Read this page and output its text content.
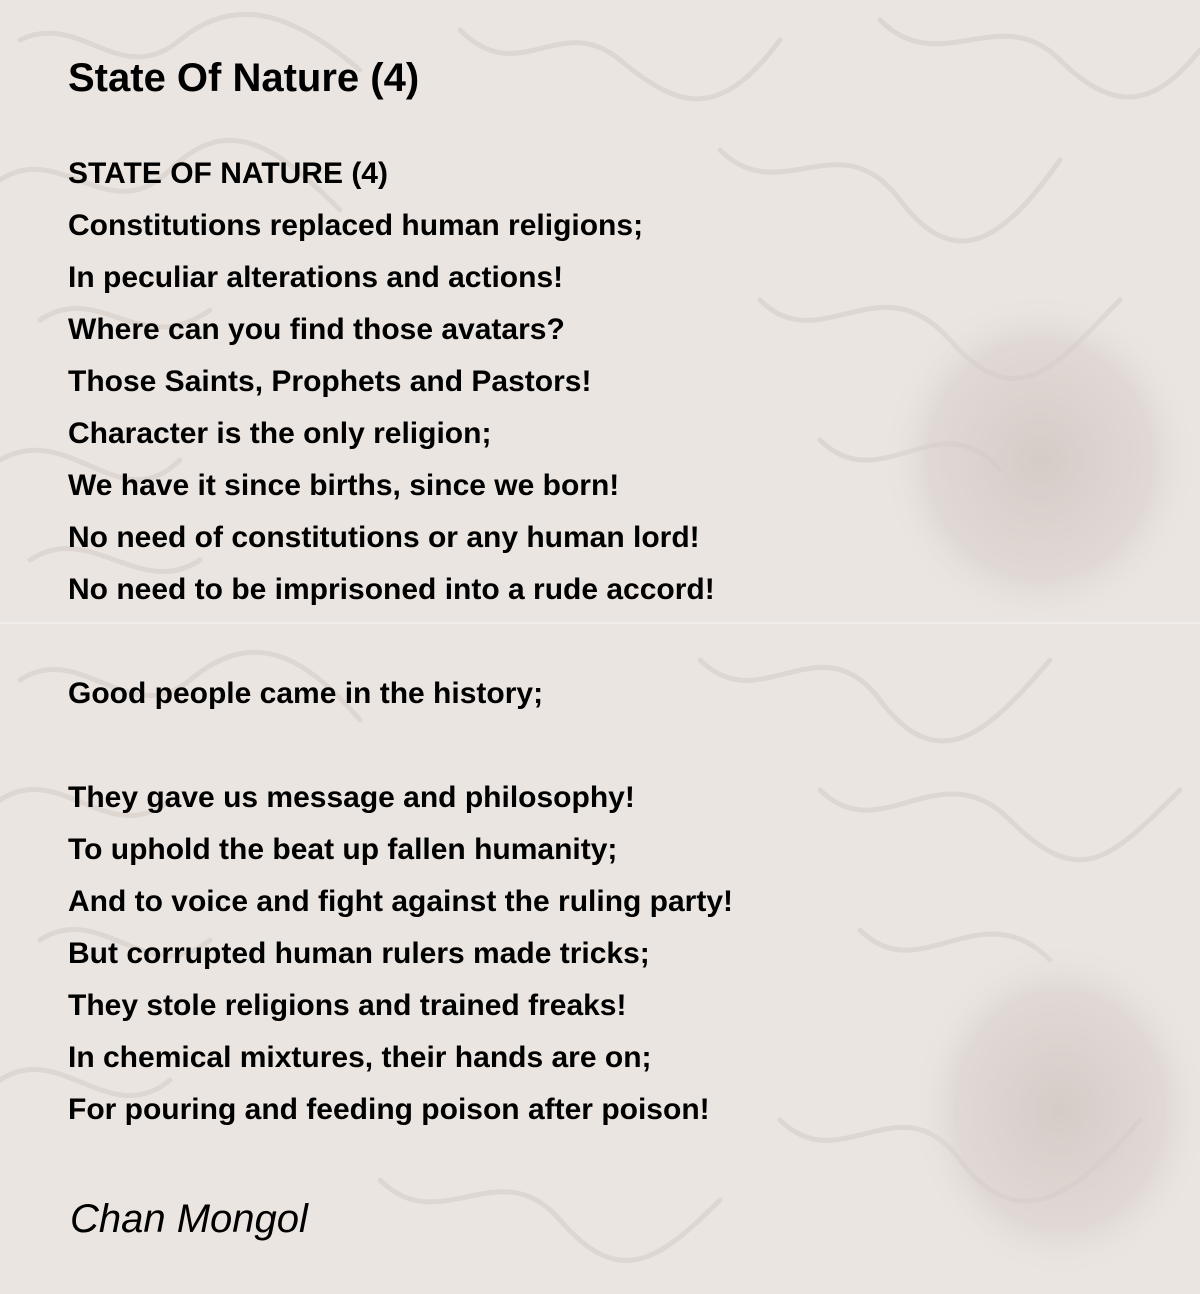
State Of Nature (4)

STATE OF NATURE (4)
Constitutions replaced human religions;
In peculiar alterations and actions!
Where can you find those avatars?
Those Saints, Prophets and Pastors!
Character is the only religion;
We have it since births, since we born!
No need of constitutions or any human lord!
No need to be imprisoned into a rude accord!

Good people came in the history;

They gave us message and philosophy!
To uphold the beat up fallen humanity;
And to voice and fight against the ruling party!
But corrupted human rulers made tricks;
They stole religions and trained freaks!
In chemical mixtures, their hands are on;
For pouring and feeding poison after poison!

Chan Mongol
